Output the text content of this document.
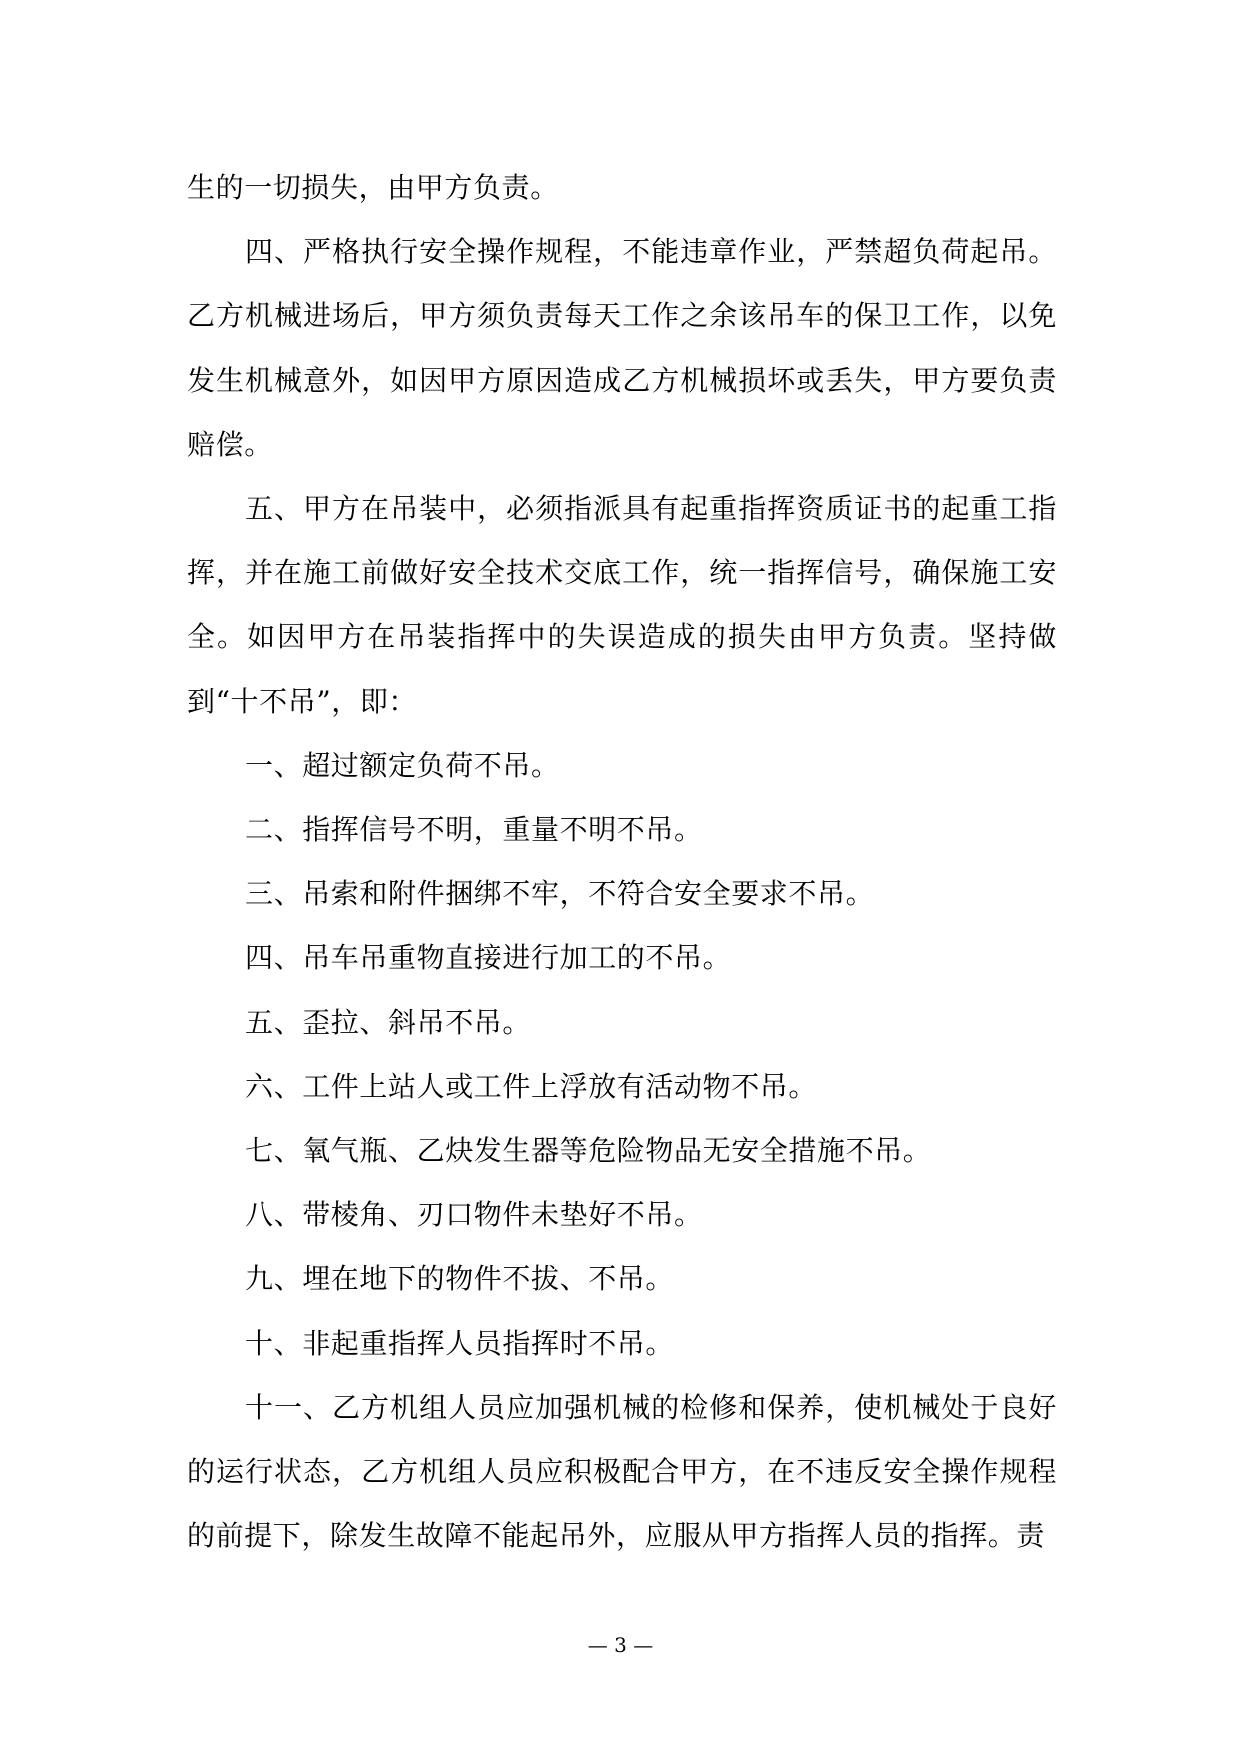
生的一切损失，由甲方负责。

四、严格执行安全操作规程，不能违章作业，严禁超负荷起吊。乙方机械进场后，甲方须负责每天工作之余该吊车的保卫工作，以免发生机械意外，如因甲方原因造成乙方机械损坏或丢失，甲方要负责赔偿。

五、甲方在吊装中，必须指派具有起重指挥资质证书的起重工指挥，并在施工前做好安全技术交底工作，统一指挥信号，确保施工安全。如因甲方在吊装指挥中的失误造成的损失由甲方负责。坚持做到“十不吊”，即：

一、超过额定负荷不吊。

二、指挥信号不明，重量不明不吊。

三、吊索和附件捆绑不牢，不符合安全要求不吊。

四、吊车吊重物直接进行加工的不吊。

五、歪拉、斜吊不吊。

六、工件上站人或工件上浮放有活动物不吊。

七、氧气瓶、乙炔发生器等危险物品无安全措施不吊。

八、带棱角、刃口物件未垫好不吊。

九、埋在地下的物件不拔、不吊。

十、非起重指挥人员指挥时不吊。

十一、乙方机组人员应加强机械的检修和保养，使机械处于良好的运行状态，乙方机组人员应积极配合甲方，在不违反安全操作规程的前提下，除发生故障不能起吊外，应服从甲方指挥人员的指挥。责

— 3 —
